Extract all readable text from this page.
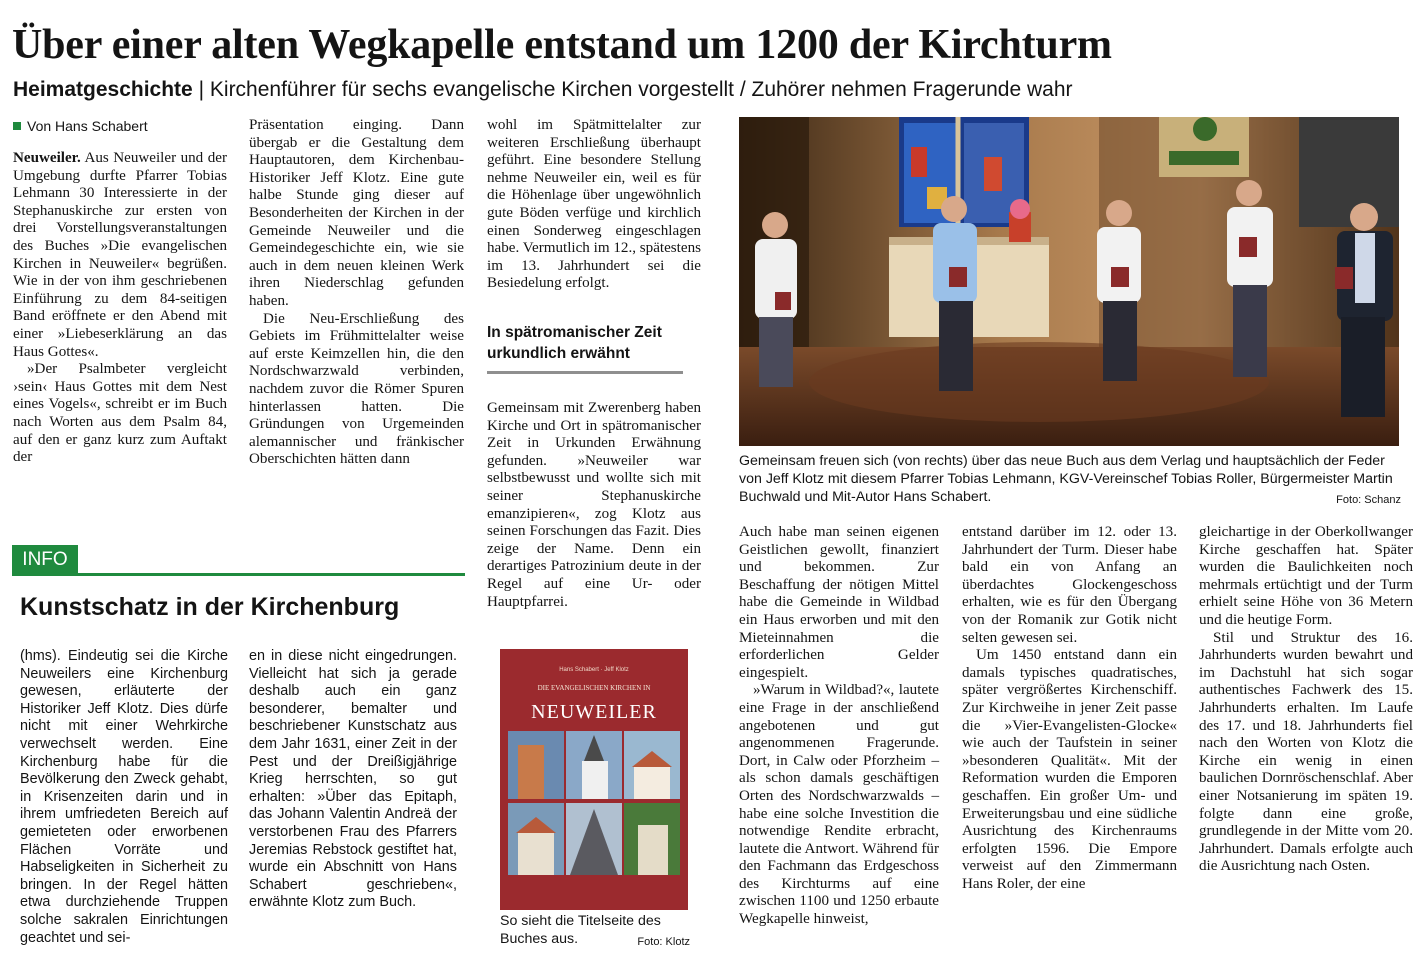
Über einer alten Wegkapelle entstand um 1200 der Kirchturm
Heimatgeschichte | Kirchenführer für sechs evangelische Kirchen vorgestellt / Zuhörer nehmen Fragerunde wahr
Von Hans Schabert

Neuweiler. Aus Neuweiler und der Umgebung durfte Pfarrer Tobias Lehmann 30 Interessierte in der Stephanuskirche zur ersten von drei Vorstellungsveranstaltungen des Buches »Die evangelischen Kirchen in Neuweiler« begrüßen. Wie in der von ihm geschriebenen Einführung zu dem 84-seitigen Band eröffnete er den Abend mit einer »Liebeserklärung an das Haus Gottes«.

»Der Psalmbeter vergleicht ›sein‹ Haus Gottes mit dem Nest eines Vogels«, schreibt er im Buch nach Worten aus dem Psalm 84, auf den er ganz kurz zum Auftakt der

Präsentation einging. Dann übergab er die Gestaltung dem Hauptautoren, dem Kirchenbau-Historiker Jeff Klotz. Eine gute halbe Stunde ging dieser auf Besonderheiten der Kirchen in der Gemeinde Neuweiler und die Gemeindegeschichte ein, wie sie auch in dem neuen kleinen Werk ihren Niederschlag gefunden haben.

Die Neu-Erschließung des Gebiets im Frühmittelalter weise auf erste Keimzellen hin, die den Nordschwarzwald verbinden, nachdem zuvor die Römer Spuren hinterlassen hatten. Die Gründungen von Urgemeinden alemannischer und fränkischer Oberschichten hätten dann

wohl im Spätmittelalter zur weiteren Erschließung überhaupt geführt. Eine besondere Stellung nehme Neuweiler ein, weil es für die Höhenlage über ungewöhnlich gute Böden verfüge und kirchlich einen Sonderweg eingeschlagen habe. Vermutlich im 12., spätestens im 13. Jahrhundert sei die Besiedelung erfolgt.

In spätromanischer Zeit urkundlich erwähnt

Gemeinsam mit Zwerenberg haben Kirche und Ort in spätromanischer Zeit in Urkunden Erwähnung gefunden. »Neuweiler war selbstbewusst und wollte sich mit seiner Stephanuskirche emanzipieren«, zog Klotz aus seinen Forschungen das Fazit. Dies zeige der Name. Denn ein derartiges Patrozinium deute in der Regel auf eine Ur- oder Hauptpfarrei.

Gemeinsam freuen sich (von rechts) über das neue Buch aus dem Verlag und hauptsächlich der Feder von Jeff Klotz mit diesem Pfarrer Tobias Lehmann, KGV-Vereinschef Tobias Roller, Bürgermeister Martin Buchwald und Mit-Autor Hans Schabert.	Foto: Schanz

Auch habe man seinen eigenen Geistlichen gewollt, finanziert und bekommen. Zur Beschaffung der nötigen Mittel habe die Gemeinde in Wildbad ein Haus erworben und mit den Mieteinnahmen die erforderlichen Gelder eingespielt.

»Warum in Wildbad?«, lautete eine Frage in der anschließend angebotenen und gut angenommenen Fragerunde. Dort, in Calw oder Pforzheim – als schon damals geschäftigen Orten des Nordschwarzwalds – habe eine solche Investition die notwendige Rendite erbracht, lautete die Antwort. Während für den Fachmann das Erdgeschoss des Kirchturms auf eine zwischen 1100 und 1250 erbaute Wegkapelle hinweist,

entstand darüber im 12. oder 13. Jahrhundert der Turm. Dieser habe bald ein von Anfang an überdachtes Glockengeschoss erhalten, wie es für den Übergang von der Romanik zur Gotik nicht selten gewesen sei.

Um 1450 entstand dann ein damals typisches quadratisches, später vergrößertes Kirchenschiff. Zur Kirchweihe in jener Zeit passe die »Vier-Evangelisten-Glocke« wie auch der Taufstein in seiner »besonderen Qualität«. Mit der Reformation wurden die Emporen geschaffen. Ein großer Um- und Erweiterungsbau und eine südliche Ausrichtung des Kirchenraums erfolgten 1596. Die Empore verweist auf den Zimmermann Hans Roler, der eine

gleichartige in der Oberkollwanger Kirche geschaffen hat. Später wurden die Baulichkeiten noch mehrmals ertüchtigt und der Turm erhielt seine Höhe von 36 Metern und die heutige Form.

Stil und Struktur des 16. Jahrhunderts wurden bewahrt und im Dachstuhl hat sich sogar authentisches Fachwerk des 15. Jahrhunderts erhalten. Im Laufe des 17. und 18. Jahrhunderts fiel nach den Worten von Klotz die Kirche ein wenig in einen baulichen Dornröschenschlaf. Aber einer Notsanierung im späten 19. folgte dann eine große, grundlegende in der Mitte vom 20. Jahrhundert. Damals erfolgte auch die Ausrichtung nach Osten.

INFO
Kunstschatz in der Kirchenburg

(hms). Eindeutig sei die Kirche Neuweilers eine Kirchenburg gewesen, erläuterte der Historiker Jeff Klotz. Dies dürfe nicht mit einer Wehrkirche verwechselt werden. Eine Kirchenburg habe für die Bevölkerung den Zweck gehabt, in Krisenzeiten darin und in ihrem umfriedeten Bereich auf gemieteten oder erworbenen Flächen Vorräte und Habseligkeiten in Sicherheit zu bringen. In der Regel hätten etwa durchziehende Truppen solche sakralen Einrichtungen geachtet und sei-

en in diese nicht eingedrungen. Vielleicht hat sich ja gerade deshalb auch ein ganz besonderer, bemalter und beschriebener Kunstschatz aus dem Jahr 1631, einer Zeit in der Pest und der Dreißigjährige Krieg herrschten, so gut erhalten: »Über das Epitaph, das Johann Valentin Andreä der verstorbenen Frau des Pfarrers Jeremias Rebstock gestiftet hat, wurde ein Abschnitt von Hans Schabert geschrieben«, erwähnte Klotz zum Buch.

Hans Schabert · Jeff Klotz
DIE EVANGELISCHEN KIRCHEN IN
NEUWEILER
So sieht die Titelseite des Buches aus.	Foto: Klotz
